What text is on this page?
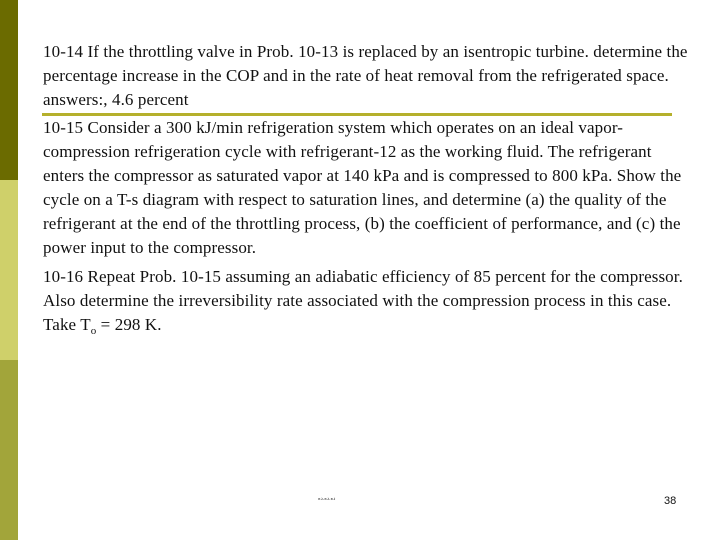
10-14 If the throttling valve in Prob. 10-13 is replaced by an isentropic turbine. determine the percentage increase in the COP and in the rate of heat removal from the refrigerated space. answers:, 4.6 percent

10-15 Consider a 300 kJ/min refrigeration system which operates on an ideal vapor-compression refrigeration cycle with refrigerant-12 as the working fluid. The refrigerant enters the compressor as saturated vapor at 140 kPa and is compressed to 800 kPa. Show the cycle on a T-s diagram with respect to saturation lines, and determine (a) the quality of the refrigerant at the end of the throttling process, (b) the coefficient of performance, and (c) the power input to the compressor.

10-16 Repeat Prob. 10-15 assuming an adiabatic efficiency of 85 percent for the compressor. Also determine the irreversibility rate associated with the compression process in this case. Take $T_o = 298$ K.

ده.ده.ده	38
